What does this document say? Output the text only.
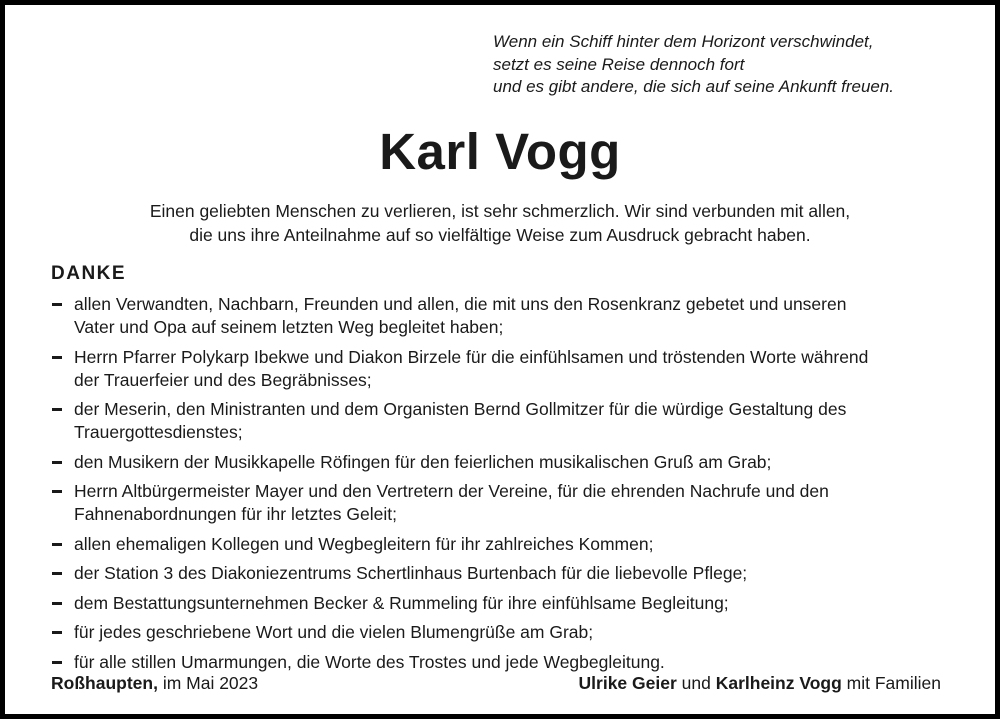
Wenn ein Schiff hinter dem Horizont verschwindet,
setzt es seine Reise dennoch fort
und es gibt andere, die sich auf seine Ankunft freuen.
Karl Vogg
Einen geliebten Menschen zu verlieren, ist sehr schmerzlich. Wir sind verbunden mit allen,
die uns ihre Anteilnahme auf so vielfältige Weise zum Ausdruck gebracht haben.
DANKE
allen Verwandten, Nachbarn, Freunden und allen, die mit uns den Rosenkranz gebetet und unseren
Vater und Opa auf seinem letzten Weg begleitet haben;
Herrn Pfarrer Polykarp Ibekwe und Diakon Birzele für die einfühlsamen und tröstenden Worte während
der Trauerfeier und des Begräbnisses;
der Meserin, den Ministranten und dem Organisten Bernd Gollmitzer für die würdige Gestaltung des
Trauergottesdienstes;
den Musikern der Musikkapelle Röfingen für den feierlichen musikalischen Gruß am Grab;
Herrn Altbürgermeister Mayer und den Vertretern der Vereine, für die ehrenden Nachrufe und den
Fahnenabordnungen für ihr letztes Geleit;
allen ehemaligen Kollegen und Wegbegleitern für ihr zahlreiches Kommen;
der Station 3 des Diakoniezentrums Schertlinhaus Burtenbach für die liebevolle Pflege;
dem Bestattungsunternehmen Becker & Rummeling für ihre einfühlsame Begleitung;
für jedes geschriebene Wort und die vielen Blumengrüße am Grab;
für alle stillen Umarmungen, die Worte des Trostes und jede Wegbegleitung.
Roßhaupten, im Mai 2023	Ulrike Geier und Karlheinz Vogg mit Familien
